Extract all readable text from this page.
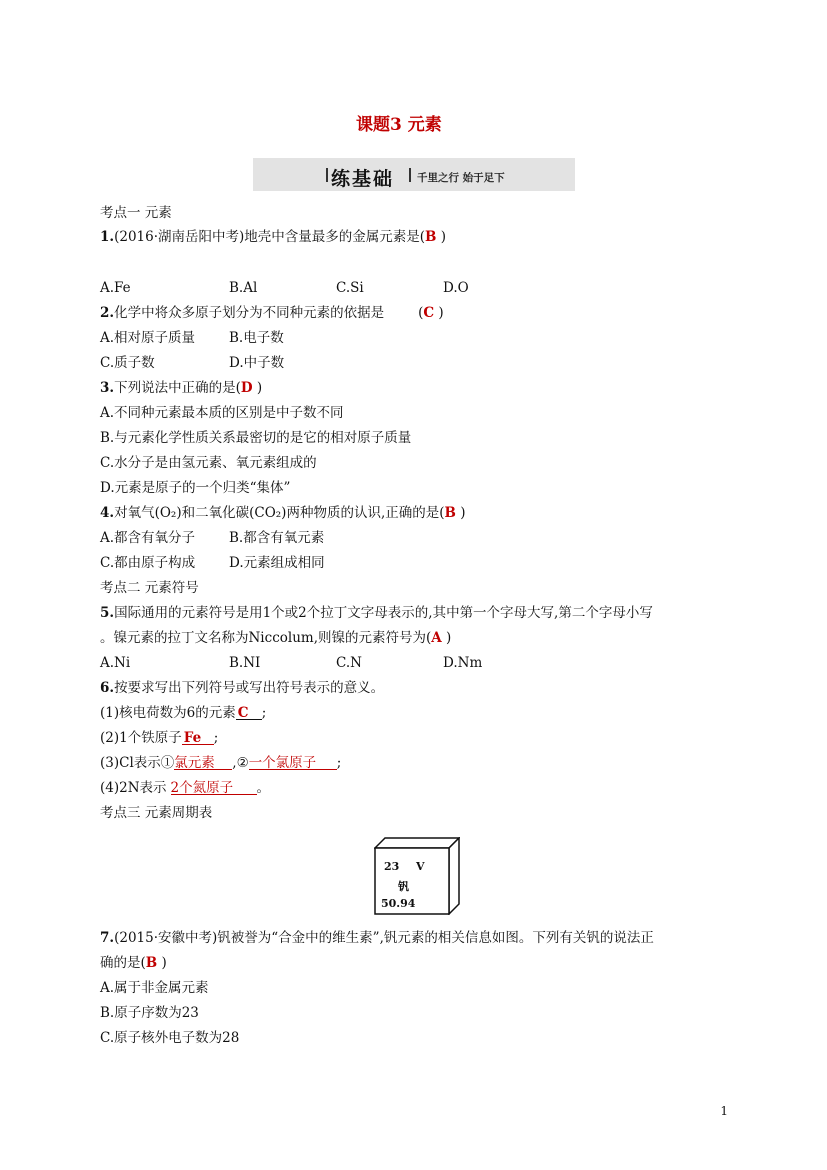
课题3 元素
练基础 千里之行 始于足下
考点一 元素
1.(2016·湖南岳阳中考)地壳中含量最多的金属元素是(B )
A.Fe	B.Al	C.Si	D.O
2.化学中将众多原子划分为不同种元素的依据是	(C )
A.相对原子质量	B.电子数
C.质子数	D.中子数
3.下列说法中正确的是(D )
A.不同种元素最本质的区别是中子数不同
B.与元素化学性质关系最密切的是它的相对原子质量
C.水分子是由氢元素、氧元素组成的
D.元素是原子的一个归类“集体”
4.对氧气(O₂)和二氧化碳(CO₂)两种物质的认识,正确的是(B )
A.都含有氧分子	B.都含有氧元素
C.都由原子构成	D.元素组成相同
考点二 元素符号
5.国际通用的元素符号是用1个或2个拉丁文字母表示的,其中第一个字母大写,第二个字母小写
。镍元素的拉丁文名称为Niccolum,则镍的元素符号为(A )
A.Ni	B.NI	C.N	D.Nm
6.按要求写出下列符号或写出符号表示的意义。
(1)核电荷数为6的元素 C ;
(2)1个铁原子 Fe ;
(3)Cl表示①氯元素 ,②一个氯原子 ;
(4)2N表示 2个氮原子 。
考点三 元素周期表
23 V
钒
50.94
7.(2015·安徽中考)钒被誉为“合金中的维生素”,钒元素的相关信息如图。下列有关钒的说法正
确的是(B )
A.属于非金属元素
B.原子序数为23
C.原子核外电子数为28
1
